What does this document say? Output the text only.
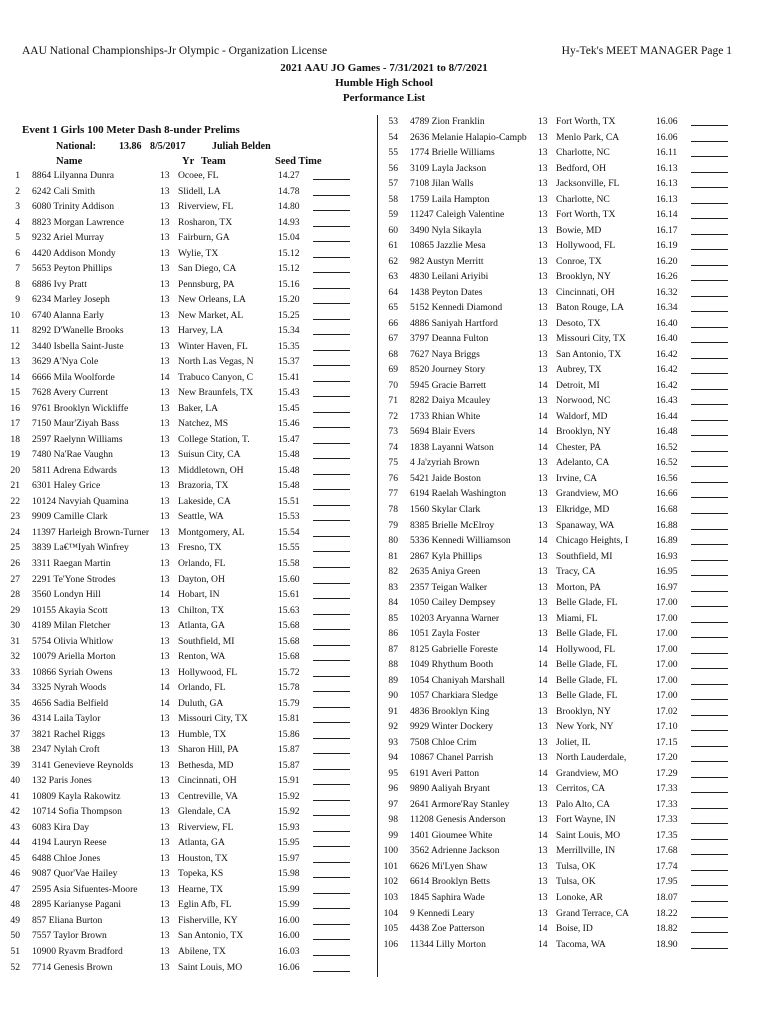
AAU National Championships-Jr Olympic - Organization License	Hy-Tek's MEET MANAGER Page 1
2021 AAU JO Games - 7/31/2021 to 8/7/2021
Humble High School
Performance List
Event 1 Girls 100 Meter Dash 8-under Prelims
National: 13.86 8/5/2017	Juliah Belden
Name	Yr Team	Seed Time
1 8864 Lilyanna Dunra	13 Ocoee, FL	14.27
2 6242 Cali Smith	13 Slidell, LA	14.78
3 6080 Trinity Addison	13 Riverview, FL	14.80
4 8823 Morgan Lawrence	13 Rosharon, TX	14.93
5 9232 Ariel Murray	13 Fairburn, GA	15.04
6 4420 Addison Mondy	13 Wylie, TX	15.12
7 5653 Peyton Phillips	13 San Diego, CA	15.12
8 6886 Ivy Pratt	13 Pennsburg, PA	15.16
9 6234 Marley Joseph	13 New Orleans, LA	15.20
10 6740 Alanna Early	13 New Market, AL	15.25
11 8292 D'Wanelle Brooks	13 Harvey, LA	15.34
12 3440 Isbella Saint-Juste	13 Winter Haven, FL	15.35
13 3629 A'Nya Cole	13 North Las Vegas, N	15.37
14 6666 Mila Woolforde	14 Trabuco Canyon, C	15.41
15 7628 Avery Current	13 New Braunfels, TX	15.43
16 9761 Brooklyn Wickliffe	13 Baker, LA	15.45
17 7150 Maur'Ziyah Bass	13 Natchez, MS	15.46
18 2597 Raelynn Williams	13 College Station, T.	15.47
19 7480 Na'Rae Vaughn	13 Suisun City, CA	15.48
20 5811 Adrena Edwards	13 Middletown, OH	15.48
21 6301 Haley Grice	13 Brazoria, TX	15.48
22 10124 Navyiah Quamina	13 Lakeside, CA	15.51
23 9909 Camille Clark	13 Seattle, WA	15.53
24 11397 Harleigh Brown-Turner	13 Montgomery, AL	15.54
25 3839 La€™Iyah Winfrey	13 Fresno, TX	15.55
26 3311 Raegan Martin	13 Orlando, FL	15.58
27 2291 Te'Yone Strodes	13 Dayton, OH	15.60
28 3560 Londyn Hill	14 Hobart, IN	15.61
29 10155 Akayia Scott	13 Chilton, TX	15.63
30 4189 Milan Fletcher	13 Atlanta, GA	15.68
31 5754 Olivia Whitlow	13 Southfield, MI	15.68
32 10079 Ariella Morton	13 Renton, WA	15.68
33 10866 Syriah Owens	13 Hollywood, FL	15.72
34 3325 Nyrah Woods	14 Orlando, FL	15.78
35 4656 Sadia Belfield	14 Duluth, GA	15.79
36 4314 Laila Taylor	13 Missouri City, TX	15.81
37 3821 Rachel Riggs	13 Humble, TX	15.86
38 2347 Nylah Croft	13 Sharon Hill, PA	15.87
39 3141 Genevieve Reynolds	13 Bethesda, MD	15.87
40 132 Paris Jones	13 Cincinnati, OH	15.91
41 10809 Kayla Rakowitz	13 Centreville, VA	15.92
42 10714 Sofia Thompson	13 Glendale, CA	15.92
43 6083 Kira Day	13 Riverview, FL	15.93
44 4194 Lauryn Reese	13 Atlanta, GA	15.95
45 6488 Chloe Jones	13 Houston, TX	15.97
46 9087 Quor'Vae Hailey	13 Topeka, KS	15.98
47 2595 Asia Sifuentes-Moore	13 Hearne, TX	15.99
48 2895 Karianyse Pagani	13 Eglin Afb, FL	15.99
49 857 Eliana Burton	13 Fisherville, KY	16.00
50 7557 Taylor Brown	13 San Antonio, TX	16.00
51 10900 Ryavm Bradford	13 Abilene, TX	16.03
52 7714 Genesis Brown	13 Saint Louis, MO	16.06
53 4789 Zion Franklin	13 Fort Worth, TX	16.06
54 2636 Melanie Halapio-Campb	13 Menlo Park, CA	16.06
55 1774 Brielle Williams	13 Charlotte, NC	16.11
56 3109 Layla Jackson	13 Bedford, OH	16.13
57 7108 Jilan Walls	13 Jacksonville, FL	16.13
58 1759 Laila Hampton	13 Charlotte, NC	16.13
59 11247 Caleigh Valentine	13 Fort Worth, TX	16.14
60 3490 Nyla Sikayla	13 Bowie, MD	16.17
61 10865 Jazzlie Mesa	13 Hollywood, FL	16.19
62 982 Austyn Merritt	13 Conroe, TX	16.20
63 4830 Leilani Ariyibi	13 Brooklyn, NY	16.26
64 1438 Peyton Dates	13 Cincinnati, OH	16.32
65 5152 Kennedi Diamond	13 Baton Rouge, LA	16.34
66 4886 Saniyah Hartford	13 Desoto, TX	16.40
67 3797 Deanna Fulton	13 Missouri City, TX	16.40
68 7627 Naya Briggs	13 San Antonio, TX	16.42
69 8520 Journey Story	13 Aubrey, TX	16.42
70 5945 Gracie Barrett	14 Detroit, MI	16.42
71 8282 Daiya Mcauley	13 Norwood, NC	16.43
72 1733 Rhian White	14 Waldorf, MD	16.44
73 5694 Blair Evers	14 Brooklyn, NY	16.48
74 1838 Layanni Watson	14 Chester, PA	16.52
75 4 Ja'zyriah Brown	13 Adelanto, CA	16.52
76 5421 Jaide Boston	13 Irvine, CA	16.56
77 6194 Raelah Washington	13 Grandview, MO	16.66
78 1560 Skylar Clark	13 Elkridge, MD	16.68
79 8385 Brielle McElroy	13 Spanaway, WA	16.88
80 5336 Kennedi Williamson	14 Chicago Heights, I	16.89
81 2867 Kyla Phillips	13 Southfield, MI	16.93
82 2635 Aniya Green	13 Tracy, CA	16.95
83 2357 Teigan Walker	13 Morton, PA	16.97
84 1050 Cailey Dempsey	13 Belle Glade, FL	17.00
85 10203 Aryanna Warner	13 Miami, FL	17.00
86 1051 Zayla Foster	13 Belle Glade, FL	17.00
87 8125 Gabrielle Foreste	14 Hollywood, FL	17.00
88 1049 Rhythum Booth	14 Belle Glade, FL	17.00
89 1054 Chaniyah Marshall	14 Belle Glade, FL	17.00
90 1057 Charkiara Sledge	13 Belle Glade, FL	17.00
91 4836 Brooklyn King	13 Brooklyn, NY	17.02
92 9929 Winter Dockery	13 New York, NY	17.10
93 7508 Chloe Crim	13 Joliet, IL	17.15
94 10867 Chanel Parrish	13 North Lauderdale,	17.20
95 6191 Averi Patton	14 Grandview, MO	17.29
96 9890 Aaliyah Bryant	13 Cerritos, CA	17.33
97 2641 Armore'Ray Stanley	13 Palo Alto, CA	17.33
98 11208 Genesis Anderson	13 Fort Wayne, IN	17.33
99 1401 Gioumee White	14 Saint Louis, MO	17.35
100 3562 Adrienne Jackson	13 Merrillville, IN	17.68
101 6626 Mi'Lyen Shaw	13 Tulsa, OK	17.74
102 6614 Brooklyn Betts	13 Tulsa, OK	17.95
103 1845 Saphira Wade	13 Lonoke, AR	18.07
104 9 Kennedi Leary	13 Grand Terrace, CA	18.22
105 4438 Zoe Patterson	14 Boise, ID	18.82
106 11344 Lilly Morton	14 Tacoma, WA	18.90
